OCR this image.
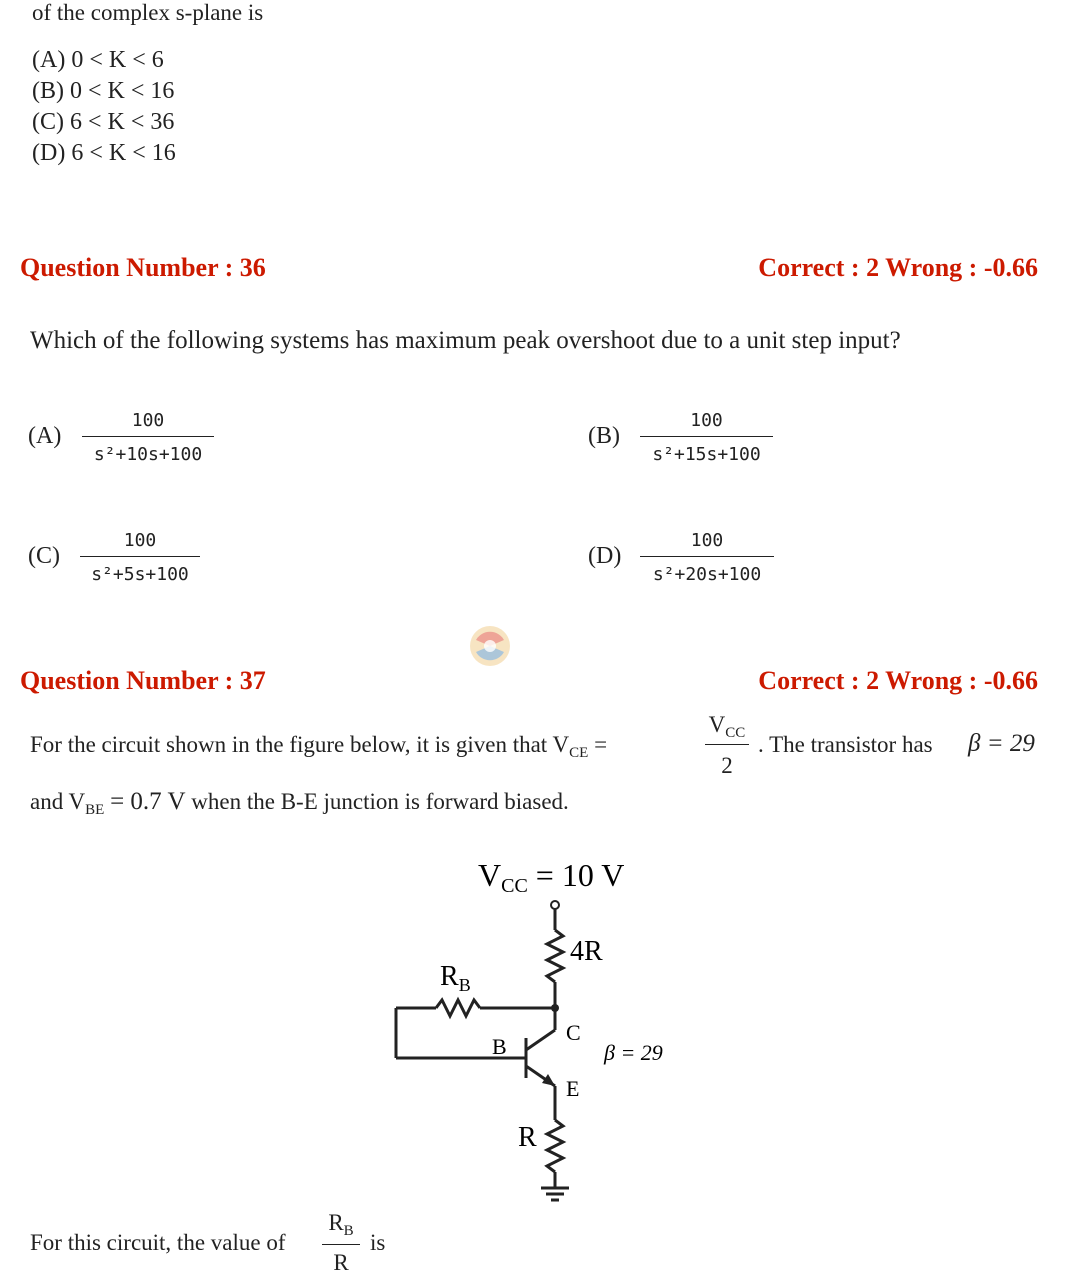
of the complex s-plane is
(A) 0 < K < 6
(B) 0 < K < 16
(C) 6 < K < 36
(D) 6 < K < 16
Question Number : 36	Correct : 2 Wrong : -0.66
Which of the following systems has maximum peak overshoot due to a unit step input?
(A)
100
s²+10s+100
(B)
100
s²+15s+100
(C)
100
s²+5s+100
(D)
100
s²+20s+100
Question Number : 37	Correct : 2 Wrong : -0.66
For the circuit shown in the figure below, it is given that $V_{CE}$ =
$V_{CC}$
2
. The transistor has β = 29
and $V_{BE} = 0.7$ V when the B-E junction is forward biased.
VCC = 10 V
4R
$R_B$
C
B
E
β = 29
R
For this circuit, the value of
$R_B$
R
is
